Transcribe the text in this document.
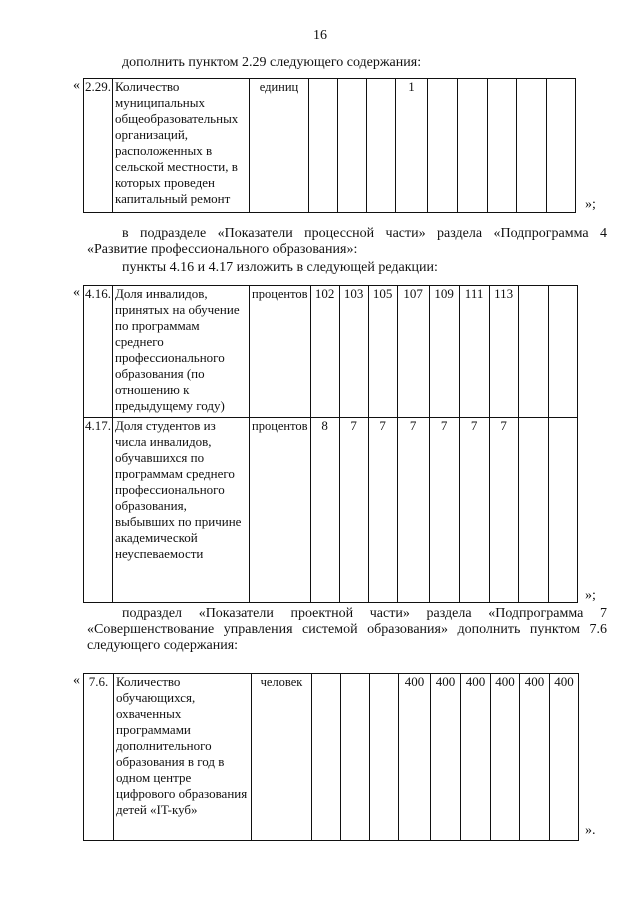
16
дополнить пунктом 2.29 следующего содержания:
« 2.29.	Количество муниципальных общеобразовательных организаций, расположенных в сельской местности, в которых проведен капитальный ремонт	единиц				1					
»;
в подразделе «Показатели процессной части» раздела «Подпрограмма 4 «Развитие профессионального образования»:
пункты 4.16 и 4.17 изложить в следующей редакции:
« 4.16.	Доля инвалидов, принятых на обучение по программам среднего профессионального образования (по отношению к предыдущему году)	процентов	102	103	105	107	109	111	113		
4.17.	Доля студентов из числа инвалидов, обучавшихся по программам среднего профессионального образования, выбывших по причине академической неуспеваемости	процентов	8	7	7	7	7	7	7		
»;
подраздел «Показатели проектной части» раздела «Подпрограмма 7 «Совершенствование управления системой образования» дополнить пунктом 7.6 следующего содержания:
« 7.6.	Количество обучающихся, охваченных программами дополнительного образования в год в одном центре цифрового образования детей «IT-куб»	человек				400	400	400	400	400	400
».
